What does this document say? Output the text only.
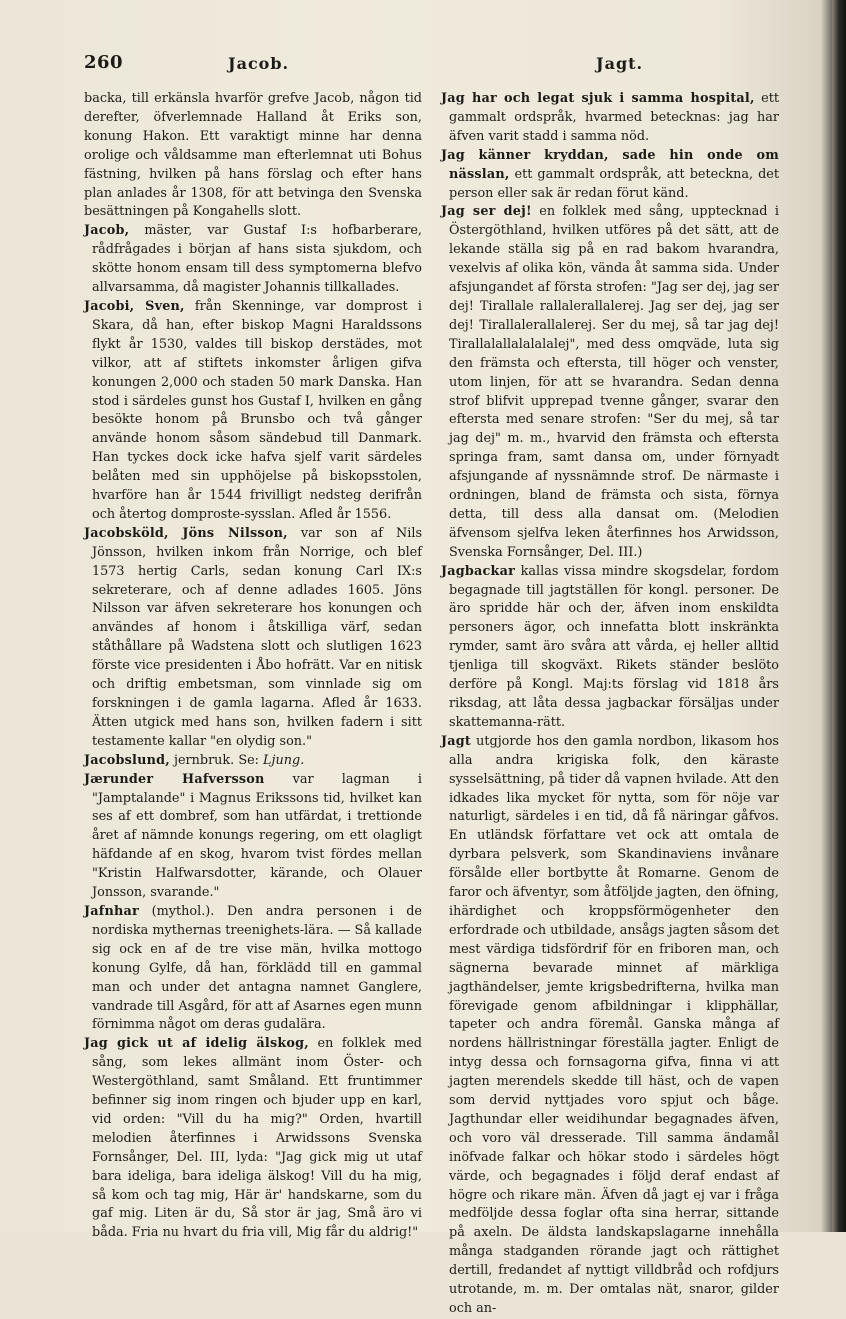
260	Jacob.	Jagt.

backa, till erkänsla hvarför grefve Jacob, någon tid derefter, öfverlemnade Halland åt Eriks son, konung Hakon. Ett varaktigt minne har denna orolige och våldsamme man efterlemnat uti Bohus fästning, hvilken på hans förslag och efter hans plan anlades år 1308, för att betvinga den Svenska besättningen på Kongahells slott.

Jacob, mäster, var Gustaf I:s hofbarberare, rådfrågades i början af hans sista sjukdom, och skötte honom ensam till dess symptomerna blefvo allvarsamma, då magister Johannis tillkallades.

Jacobi, Sven, från Skenninge, var domprost i Skara, då han, efter biskop Magni Haraldssons flykt år 1530, valdes till biskop derstädes, mot vilkor, att af stiftets inkomster årligen gifva konungen 2,000 och staden 50 mark Danska. Han stod i särdeles gunst hos Gustaf I, hvilken en gång besökte honom på Brunsbo och två gånger använde honom såsom sändebud till Danmark. Han tyckes dock icke hafva sjelf varit särdeles belåten med sin upphöjelse på biskopsstolen, hvarföre han år 1544 frivilligt nedsteg derifrån och återtog domproste-sysslan. Afled år 1556.

Jacobsköld, Jöns Nilsson, var son af Nils Jönsson, hvilken inkom från Norrige, och blef 1573 hertig Carls, sedan konung Carl IX:s sekreterare, och af denne adlades 1605. Jöns Nilsson var äfven sekreterare hos konungen och användes af honom i åtskilliga värf, sedan ståthållare på Wadstena slott och slutligen 1623 förste vice presidenten i Åbo hofrätt. Var en nitisk och driftig embetsman, som vinnlade sig om forskningen i de gamla lagarna. Afled år 1633. Ätten utgick med hans son, hvilken fadern i sitt testamente kallar "en olydig son."

Jacobslund, jernbruk. Se: Ljung.

Jærunder Hafversson var lagman i "Jamptalande" i Magnus Erikssons tid, hvilket kan ses af ett dombref, som han utfärdat, i trettionde året af nämnde konungs regering, om ett olagligt häfdande af en skog, hvarom tvist fördes mellan "Kristin Halfwarsdotter, kärande, och Olauer Jonsson, svarande."

Jafnhar (mythol.). Den andra personen i de nordiska mythernas treenighets-lära. — Så kallade sig ock en af de tre vise män, hvilka mottogo konung Gylfe, då han, förklädd till en gammal man och under det antagna namnet Ganglere, vandrade till Asgård, för att af Asarnes egen munn förnimma något om deras gudalära.

Jag gick ut af idelig älskog, en folklek med sång, som lekes allmänt inom Öster- och Westergöthland, samt Småland. Ett fruntimmer befinner sig inom ringen och bjuder upp en karl, vid orden: "Vill du ha mig?" Orden, hvartill melodien återfinnes i Arwidssons Svenska Fornsånger, Del. III, lyda: "Jag gick mig ut utaf bara ideliga, bara ideliga älskog! Vill du ha mig, så kom och tag mig, Här är' handskarne, som du gaf mig. Liten är du, Så stor är jag, Små äro vi båda. Fria nu hvart du fria vill, Mig får du aldrig!"

Jag har och legat sjuk i samma hospital, ett gammalt ordspråk, hvarmed betecknas: jag har äfven varit stadd i samma nöd.

Jag känner kryddan, sade hin onde om nässlan, ett gammalt ordspråk, att beteckna, det person eller sak är redan förut känd.

Jag ser dej! en folklek med sång, uppt​ecknad i Östergöthland, hvilken utföres på det sätt, att de lekande ställa sig på en rad bakom hvarandra, vexelvis af olika kön, vända åt samma sida. Under afsjungandet af första strofen: "Jag ser dej, jag ser dej! Tirallale rallalerallalerej. Jag ser dej, jag ser dej! Tirallalerallalerej. Ser du mej, så tar jag dej! Tirallalallalalalalej", med dess omqväde, luta sig den främsta och efter​sta, till höger och venster, utom linjen, för att se hvarandra. Sedan denna strof blifvit upprepad tvenne gånger, svarar den eftersta med senare strofen: "Ser du mej, så tar jag dej" m. m., hvarvid den främsta och eftersta springa fram, samt dansa om, under förnyadt afsjungande af nyssnämnde strof. De närmaste i ordningen, bland de främsta och sista, förnya detta, till dess alla dansat om. (Melodien äfvensom sjelfva leken återfinnes hos Arwidsson, Svenska Fornsånger, Del. III.)

Jagbackar kallas vissa mindre skogsdelar, fordom begagnade till jagtställen för kongl. personer. De äro spridde här och der, äfven inom enskildta personers ägor, och innefatta blott inskränkta rymder, samt äro svåra att vårda, ej heller alltid tjenliga till skogväxt. Rikets ständer beslöto derföre på Kongl. Maj:ts förslag vid 1818 års riksdag, att låta dessa jagbackar försäljas under skattemanna-rätt.

Jagt utgjorde hos den gamla nordbon, likasom hos alla andra krigiska folk, den käraste sysselsättning, på tider då vapnen hvilade. Att den idkades lika mycket för nytta, som för nöje var naturligt, särdeles i en tid, då få näringar gåfvos. En utländsk författare vet ock att omtala de dyrbara pelsverk, som Skandinaviens invånare försålde eller bortbytte åt Romarne. Genom de faror och äfventyr, som åtföljde jagten, den öfning, ihärdighet och kroppsförmögenheter den erfordrade och utbildade, ansågs jagten såsom det mest värdiga tidsfördrif för en friboren man, och sägnerna bevarade minnet af märkliga jagthändelser, jemte krigsbedrifterna, hvilka man förevigade genom afbildningar i klipphällar, tapeter och andra föremål. Ganska många af nordens hällristningar föreställa jagter. Enligt de intyg dessa och fornsagorna gifva, finna vi att jagten merendels skedde till häst, och de vapen som dervid nyttjades voro spjut och båge. Jagthundar eller weidihundar begagnades äfven, och voro väl dresserade. Till samma ändamål inöfvade falkar och hökar stodo i särdeles högt värde, och begagnades i följd deraf endast af högre och rikare män. Äfven då jagt ej var i fråga medföljde dessa foglar ofta sina herrar, sittande på axeln. De äldsta landskapslagarne innehålla många stadganden rörande jagt och rättighet dertill, fredandet af nyttigt villdbråd och rofdjurs utrotande, m. m. Der omtalas nät, snaror, gilder och an-
